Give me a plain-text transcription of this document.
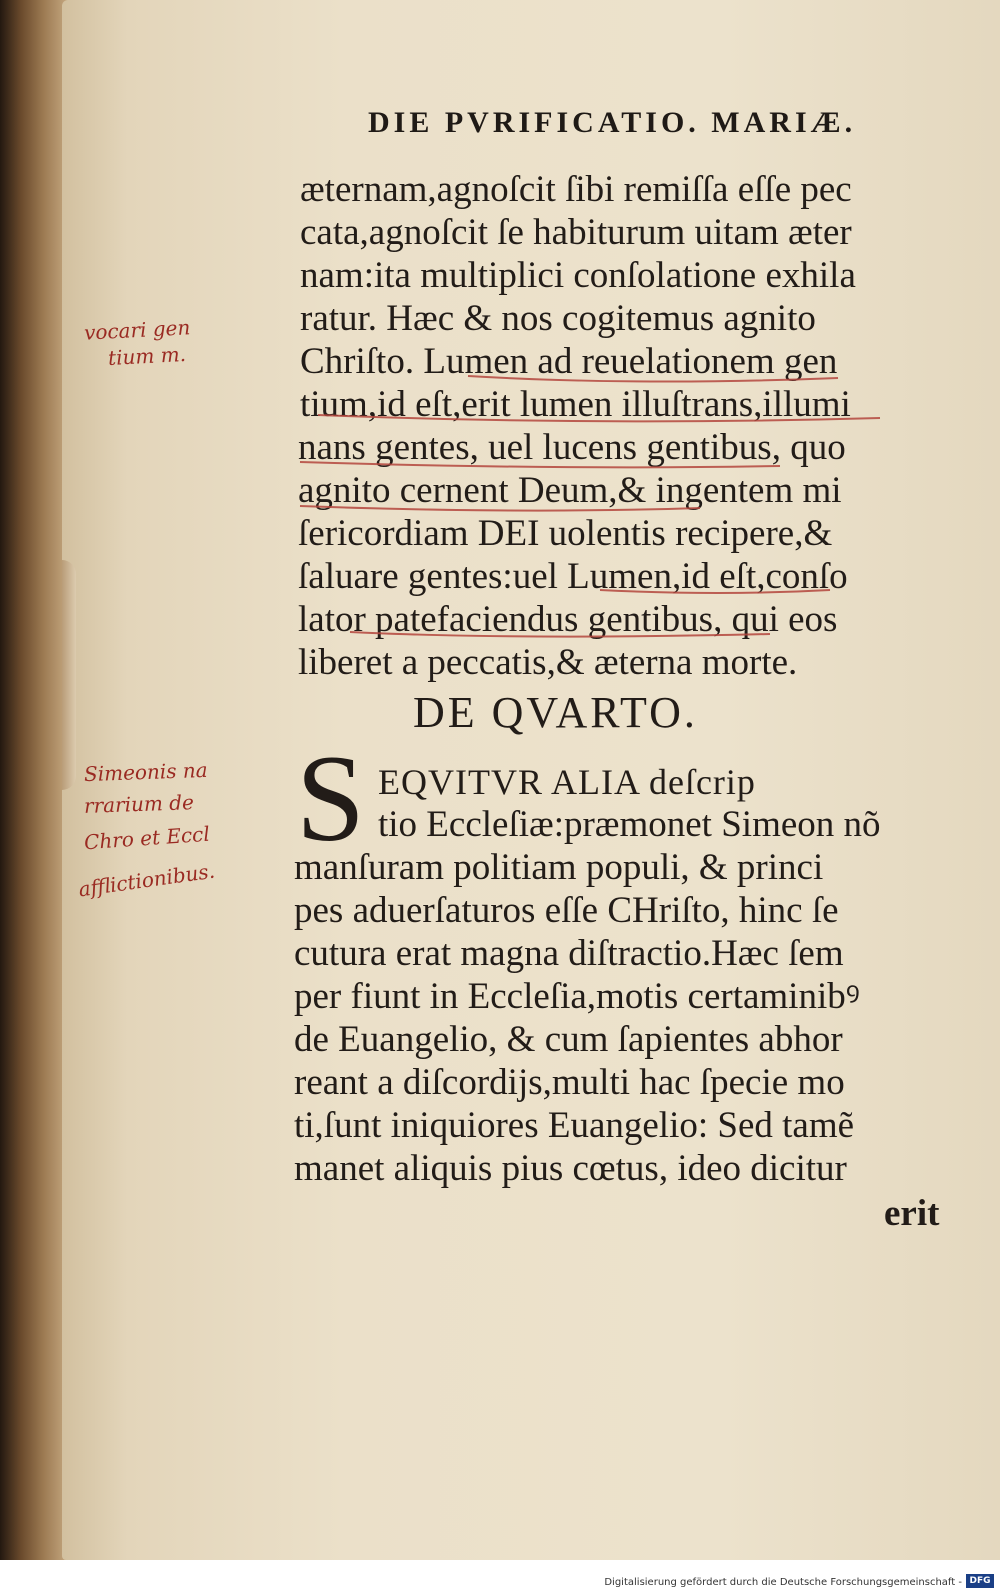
DIE PVRIFICATIO. MARIÆ.
æternam,agnoſcit ſibi remiſſa eſſe pec
cata,agnoſcit ſe habiturum uitam æter
nam:ita multiplici conſolatione exhila
ratur. Hæc & nos cogitemus agnito
Chriſto. Lumen ad reuelationem gen
tium,id eſt,erit lumen illuſtrans,illumi
nans gentes, uel lucens gentibus, quo
agnito cernent Deum,& ingentem mi
ſericordiam DEI uolentis recipere,&
ſaluare gentes:uel Lumen,id eſt,conſo
lator patefaciendus gentibus, qui eos
liberet a peccatis,& æterna morte.
EQVITVR ALIA deſcrip
tio Eccleſiæ:præmonet Simeon nõ
manſuram politiam populi, & princi
pes aduerſaturos eſſe CHriſto, hinc ſe
cutura erat magna diſtractio.Hæc ſem
per fiunt in Eccleſia,motis certaminibꝰ
de Euangelio, & cum ſapientes abhor
reant a diſcordijs,multi hac ſpecie mo
ti,ſunt iniquiores Euangelio: Sed tamẽ
manet aliquis pius cœtus, ideo dicitur
erit
DE QVARTO.
S
vocari gen
tium m.
Simeonis na
rrarium de
Chro et Eccl
afflictionibus.
Digitalisierung gefördert durch die Deutsche Forschungsgemeinschaft - DFG
